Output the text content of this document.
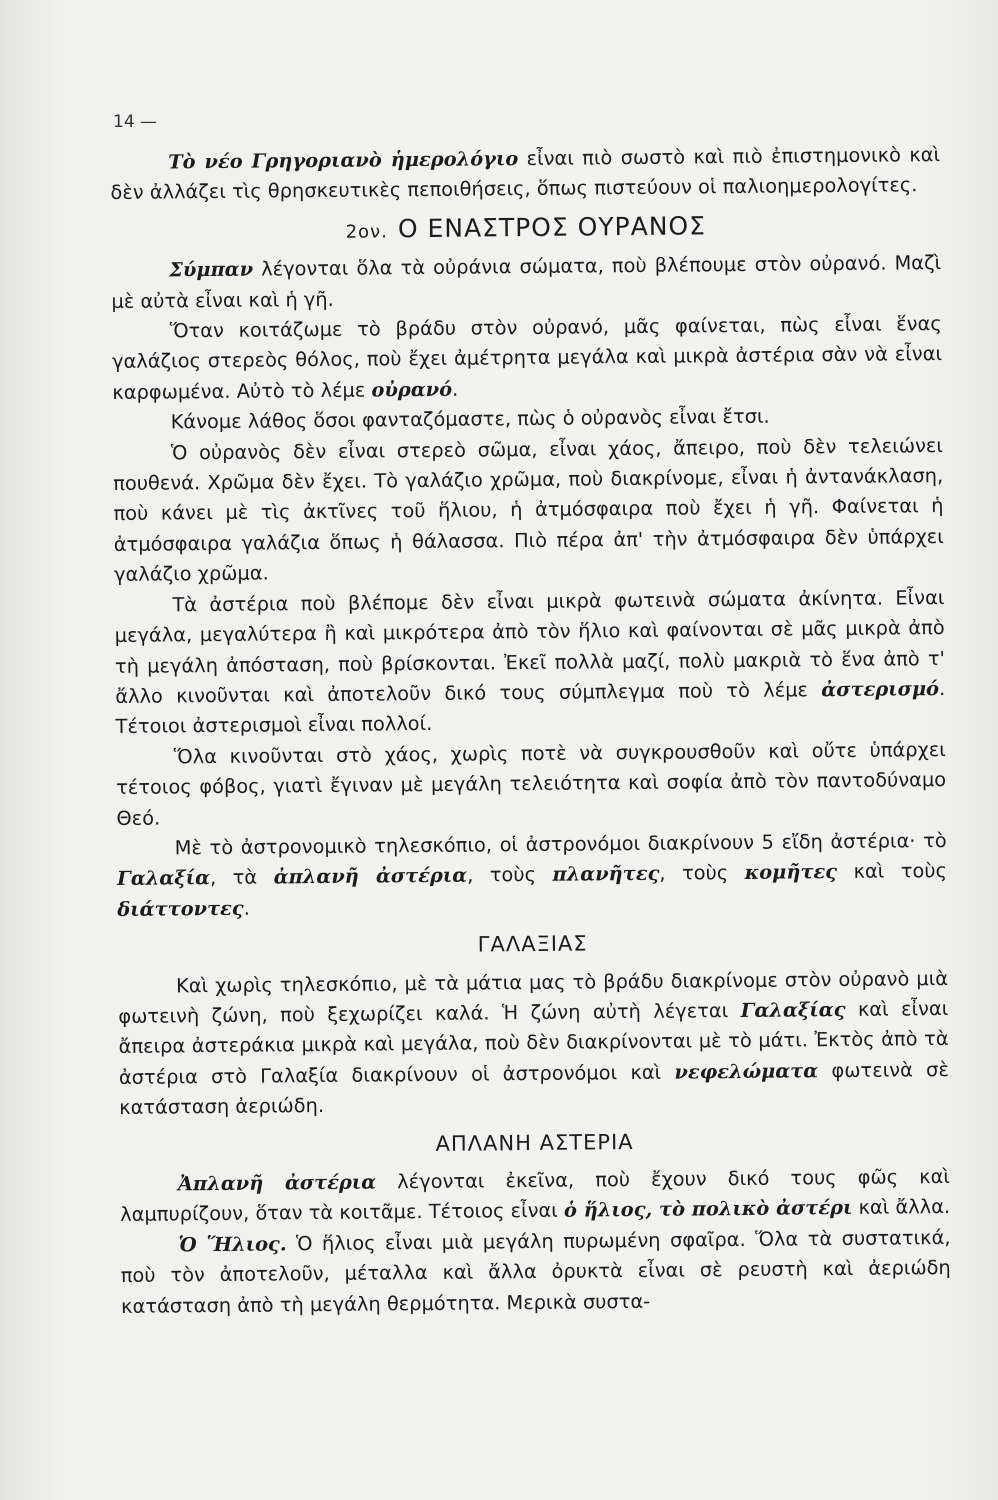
14 —

Τὸ νέο Γρηγοριανὸ ἡμερολόγιο εἶναι πιὸ σωστὸ καὶ πιὸ ἐπιστημονικὸ καὶ δὲν ἀλλάζει τὶς θρησκευτικὲς πεποιθήσεις, ὅπως πιστεύουν οἱ παλιοημερολογίτες.

2ον. Ο ΕΝΑΣΤΡΟΣ ΟΥΡΑΝΟΣ

Σύμπαν λέγονται ὅλα τὰ οὐράνια σώματα, ποὺ βλέπουμε στὸν οὐρανό. Μαζὶ μὲ αὐτὰ εἶναι καὶ ἡ γῆ.

Ὅταν κοιτάζωμε τὸ βράδυ στὸν οὐρανό, μᾶς φαίνεται, πὼς εἶναι ἕνας γαλάζιος στερεὸς θόλος, ποὺ ἔχει ἀμέτρητα μεγάλα καὶ μικρὰ ἀστέρια σὰν νὰ εἶναι καρφωμένα. Αὐτὸ τὸ λέμε οὐρανό.

Κάνομε λάθος ὅσοι φανταζόμαστε, πὼς ὁ οὐρανὸς εἶναι ἔτσι.

Ὁ οὐρανὸς δὲν εἶναι στερεὸ σῶμα, εἶναι χάος, ἄπειρο, ποὺ δὲν τελειώνει πουθενά. Χρῶμα δὲν ἔχει. Τὸ γαλάζιο χρῶμα, ποὺ διακρίνομε, εἶναι ἡ ἀντανάκλαση, ποὺ κάνει μὲ τὶς ἀκτῖνες τοῦ ἥλιου, ἡ ἀτμόσφαιρα ποὺ ἔχει ἡ γῆ. Φαίνεται ἡ ἀτμόσφαιρα γαλάζια ὅπως ἡ θάλασσα. Πιὸ πέρα ἀπ' τὴν ἀτμόσφαιρα δὲν ὑπάρχει γαλάζιο χρῶμα.

Τὰ ἀστέρια ποὺ βλέπομε δὲν εἶναι μικρὰ φωτεινὰ σώματα ἀκίνητα. Εἶναι μεγάλα, μεγαλύτερα ἢ καὶ μικρότερα ἀπὸ τὸν ἥλιο καὶ φαίνονται σὲ μᾶς μικρὰ ἀπὸ τὴ μεγάλη ἀπόσταση, ποὺ βρίσκονται. Ἐκεῖ πολλὰ μαζί, πολὺ μακριὰ τὸ ἕνα ἀπὸ τ' ἄλλο κινοῦνται καὶ ἀποτελοῦν δικό τους σύμπλεγμα ποὺ τὸ λέμε ἀστερισμό. Τέτοιοι ἀστερισμοὶ εἶναι πολλοί.

Ὅλα κινοῦνται στὸ χάος, χωρὶς ποτὲ νὰ συγκρουσθοῦν καὶ οὔτε ὑπάρχει τέτοιος φόβος, γιατὶ ἔγιναν μὲ μεγάλη τελειότητα καὶ σοφία ἀπὸ τὸν παντοδύναμο Θεό.

Μὲ τὸ ἀστρονομικὸ τηλεσκόπιο, οἱ ἀστρονόμοι διακρίνουν 5 εἴδη ἀστέρια· τὸ Γαλαξία, τὰ ἀπλανῆ ἀστέρια, τοὺς πλανῆτες, τοὺς κομῆτες καὶ τοὺς διάττοντες.

ΓΑΛΑΞΙΑΣ

Καὶ χωρὶς τηλεσκόπιο, μὲ τὰ μάτια μας τὸ βράδυ διακρίνομε στὸν οὐρανὸ μιὰ φωτεινὴ ζώνη, ποὺ ξεχωρίζει καλά. Ἡ ζώνη αὐτὴ λέγεται Γαλαξίας καὶ εἶναι ἄπειρα ἀστεράκια μικρὰ καὶ μεγάλα, ποὺ δὲν διακρίνονται μὲ τὸ μάτι. Ἐκτὸς ἀπὸ τὰ ἀστέρια στὸ Γαλαξία διακρίνουν οἱ ἀστρονόμοι καὶ νεφελώματα φωτεινὰ σὲ κατάσταση ἀεριώδη.

ΑΠΛΑΝΗ ΑΣΤΕΡΙΑ

Ἀπλανῆ ἀστέρια λέγονται ἐκεῖνα, ποὺ ἔχουν δικό τους φῶς καὶ λαμπυρίζουν, ὅταν τὰ κοιτᾶμε. Τέτοιος εἶναι ὁ ἥλιος, τὸ πολικὸ ἀστέρι καὶ ἄλλα.

Ὁ Ἥλιος. Ὁ ἥλιος εἶναι μιὰ μεγάλη πυρωμένη σφαῖρα. Ὅλα τὰ συστατικά, ποὺ τὸν ἀποτελοῦν, μέταλλα καὶ ἄλλα ὀρυκτὰ εἶναι σὲ ρευστὴ καὶ ἀεριώδη κατάσταση ἀπὸ τὴ μεγάλη θερμότητα. Μερικὰ συστα-
